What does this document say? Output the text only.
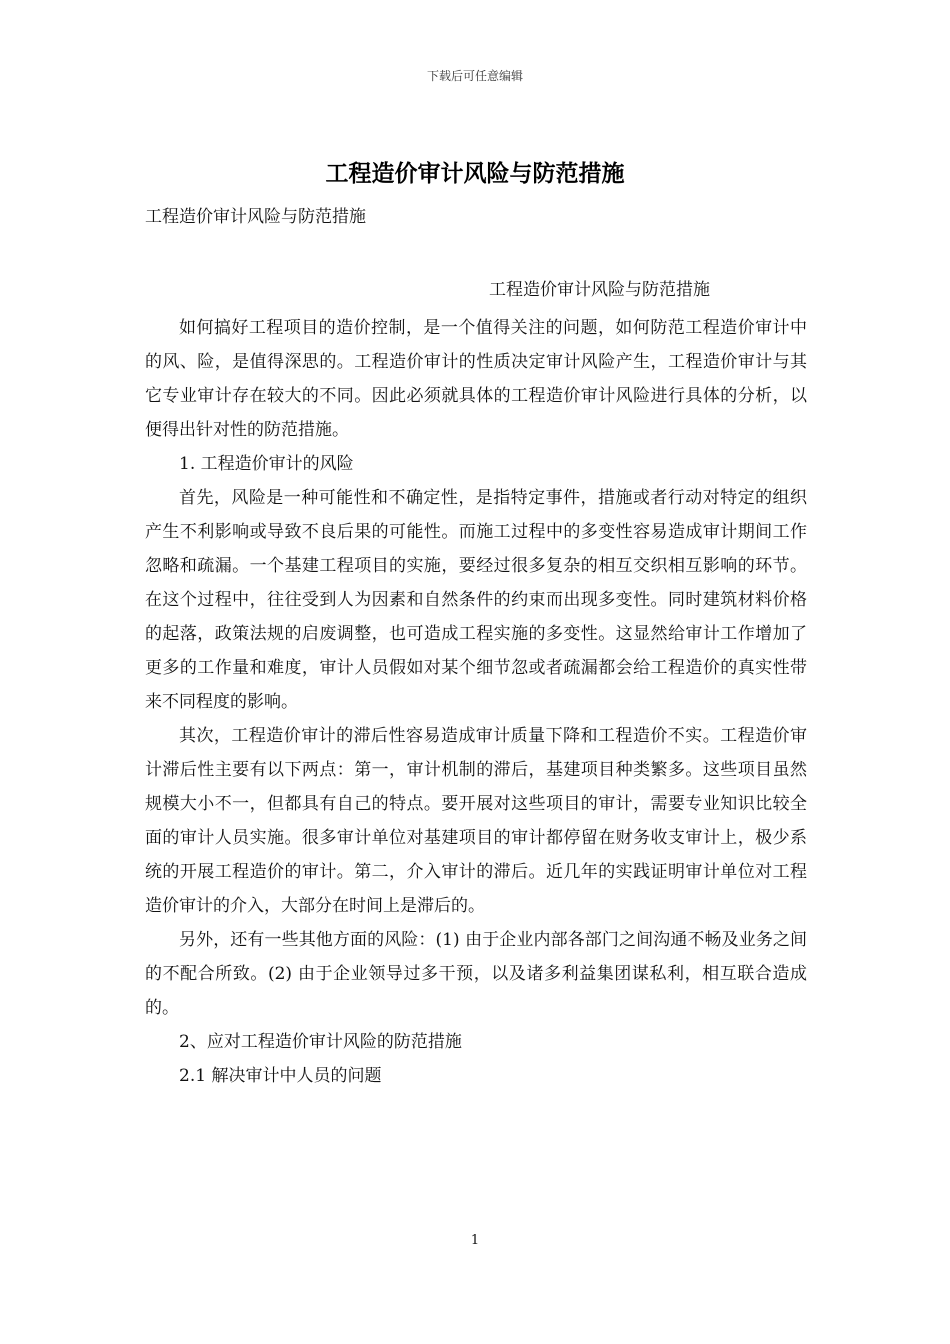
下载后可任意编辑
工程造价审计风险与防范措施
工程造价审计风险与防范措施
工程造价审计风险与防范措施

如何搞好工程项目的造价控制，是一个值得关注的问题，如何防范工程造价审计中的风、险，是值得深思的。工程造价审计的性质决定审计风险产生，工程造价审计与其它专业审计存在较大的不同。因此必须就具体的工程造价审计风险进行具体的分析，以便得出针对性的防范措施。

1. 工程造价审计的风险

首先，风险是一种可能性和不确定性，是指特定事件，措施或者行动对特定的组织产生不利影响或导致不良后果的可能性。而施工过程中的多变性容易造成审计期间工作忽略和疏漏。一个基建工程项目的实施，要经过很多复杂的相互交织相互影响的环节。在这个过程中，往往受到人为因素和自然条件的约束而出现多变性。同时建筑材料价格的起落，政策法规的启废调整，也可造成工程实施的多变性。这显然给审计工作增加了更多的工作量和难度，审计人员假如对某个细节忽或者疏漏都会给工程造价的真实性带来不同程度的影响。

其次，工程造价审计的滞后性容易造成审计质量下降和工程造价不实。工程造价审计滞后性主要有以下两点：第一，审计机制的滞后，基建项目种类繁多。这些项目虽然规模大小不一，但都具有自己的特点。要开展对这些项目的审计，需要专业知识比较全面的审计人员实施。很多审计单位对基建项目的审计都停留在财务收支审计上，极少系统的开展工程造价的审计。第二，介入审计的滞后。近几年的实践证明审计单位对工程造价审计的介入，大部分在时间上是滞后的。

另外，还有一些其他方面的风险：(1) 由于企业内部各部门之间沟通不畅及业务之间的不配合所致。(2) 由于企业领导过多干预，以及诸多利益集团谋私利，相互联合造成的。

2、应对工程造价审计风险的防范措施

2.1 解决审计中人员的问题

1
